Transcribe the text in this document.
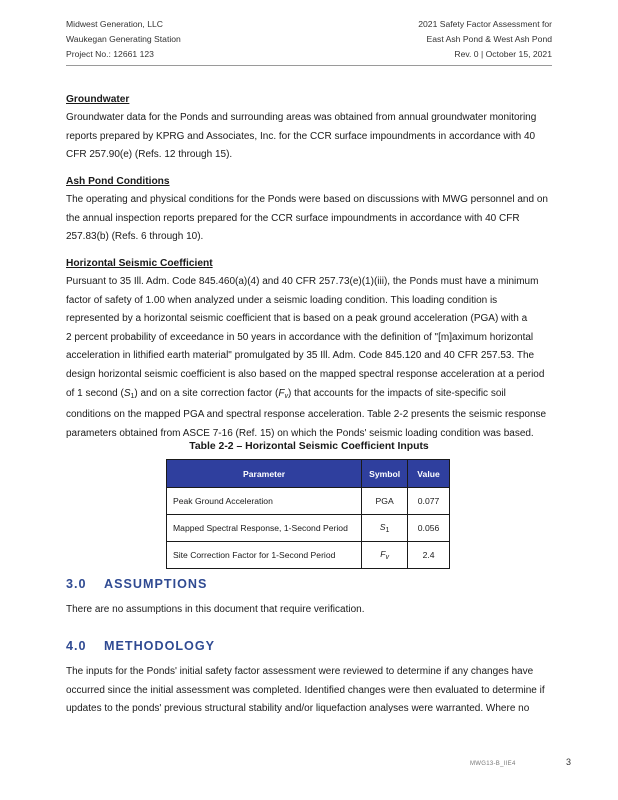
Midwest Generation, LLC
Waukegan Generating Station
Project No.: 12661 123
2021 Safety Factor Assessment for
East Ash Pond & West Ash Pond
Rev. 0 | October 15, 2021
Groundwater
Groundwater data for the Ponds and surrounding areas was obtained from annual groundwater monitoring
reports prepared by KPRG and Associates, Inc. for the CCR surface impoundments in accordance with 40
CFR 257.90(e) (Refs. 12 through 15).
Ash Pond Conditions
The operating and physical conditions for the Ponds were based on discussions with MWG personnel and on
the annual inspection reports prepared for the CCR surface impoundments in accordance with 40 CFR
257.83(b) (Refs. 6 through 10).
Horizontal Seismic Coefficient
Pursuant to 35 Ill. Adm. Code 845.460(a)(4) and 40 CFR 257.73(e)(1)(iii), the Ponds must have a minimum
factor of safety of 1.00 when analyzed under a seismic loading condition. This loading condition is
represented by a horizontal seismic coefficient that is based on a peak ground acceleration (PGA) with a
2 percent probability of exceedance in 50 years in accordance with the definition of "[m]aximum horizontal
acceleration in lithified earth material" promulgated by 35 Ill. Adm. Code 845.120 and 40 CFR 257.53. The
design horizontal seismic coefficient is also based on the mapped spectral response acceleration at a period
of 1 second $(S_1)$ and on a site correction factor $(F_v)$ that accounts for the impacts of site-specific soil
conditions on the mapped PGA and spectral response acceleration. Table 2-2 presents the seismic response
parameters obtained from ASCE 7-16 (Ref. 15) on which the Ponds' seismic loading condition was based.
Table 2-2 – Horizontal Seismic Coefficient Inputs
Parameter	Symbol	Value
Peak Ground Acceleration	PGA	0.077
Mapped Spectral Response, 1-Second Period	$S_1$	0.056
Site Correction Factor for 1-Second Period	$F_v$	2.4
3.0 ASSUMPTIONS
There are no assumptions in this document that require verification.
4.0 METHODOLOGY
The inputs for the Ponds' initial safety factor assessment were reviewed to determine if any changes have
occurred since the initial assessment was completed. Identified changes were then evaluated to determine if
updates to the ponds' previous structural stability and/or liquefaction analyses were warranted. Where no
MWG13-B_IIE4	3
